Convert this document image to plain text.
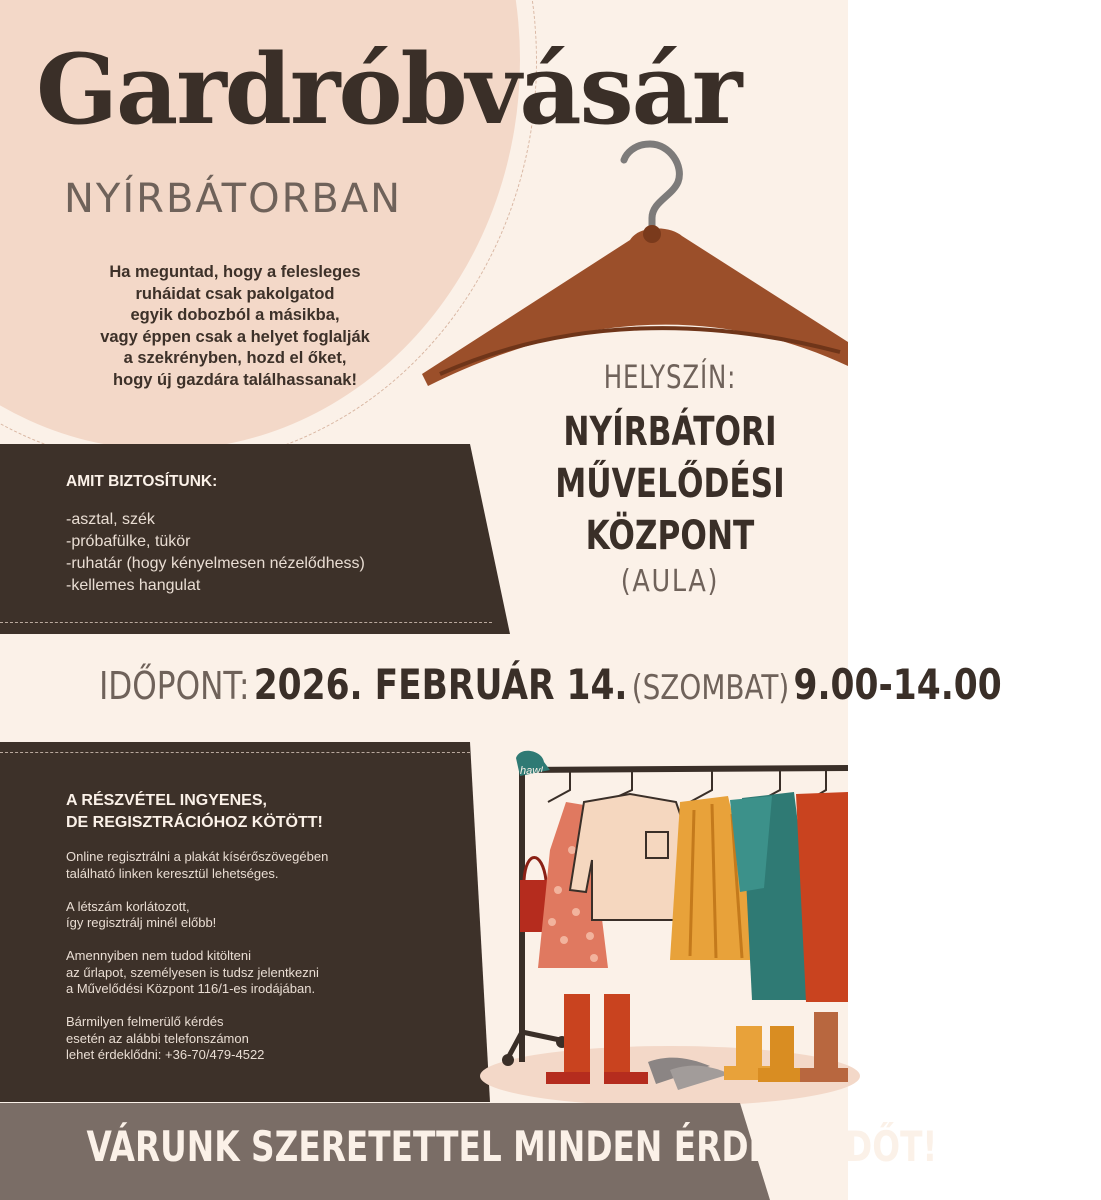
Gardróbvásár
NYÍRBÁTORBAN

Ha meguntad, hogy a felesleges
ruháidat csak pakolgatod
egyik dobozból a másikba,
vagy éppen csak a helyet foglalják
a szekrényben, hozd el őket,
hogy új gazdára találhassanak!	HELYSZÍN:
NYÍRBÁTORI
MŰVELŐDÉSI
KÖZPONT
(AULA)
AMIT BIZTOSÍTUNK:
-asztal, szék
-próbafülke, tükör
-ruhatár (hogy kényelmesen nézelődhess)
-kellemes hangulat
IDŐPONT: 2026. FEBRUÁR 14. (SZOMBAT) 9.00-14.00
A RÉSZVÉTEL INGYENES,
DE REGISZTRÁCIÓHOZ KÖTÖTT!

Online regisztrálni a plakát kísérőszövegében
található linken keresztül lehetséges.

A létszám korlátozott,
így regisztrálj minél előbb!

Amennyiben nem tudod kitölteni
az űrlapot, személyesen is tudsz jelentkezni
a Művelődési Központ 116/1-es irodájában.

Bármilyen felmerülő kérdés
esetén az alábbi telefonszámon
lehet érdeklődni: +36-70/479-4522

haw!

VÁRUNK SZERETETTEL MINDEN ÉRDEKLŐDŐT!
